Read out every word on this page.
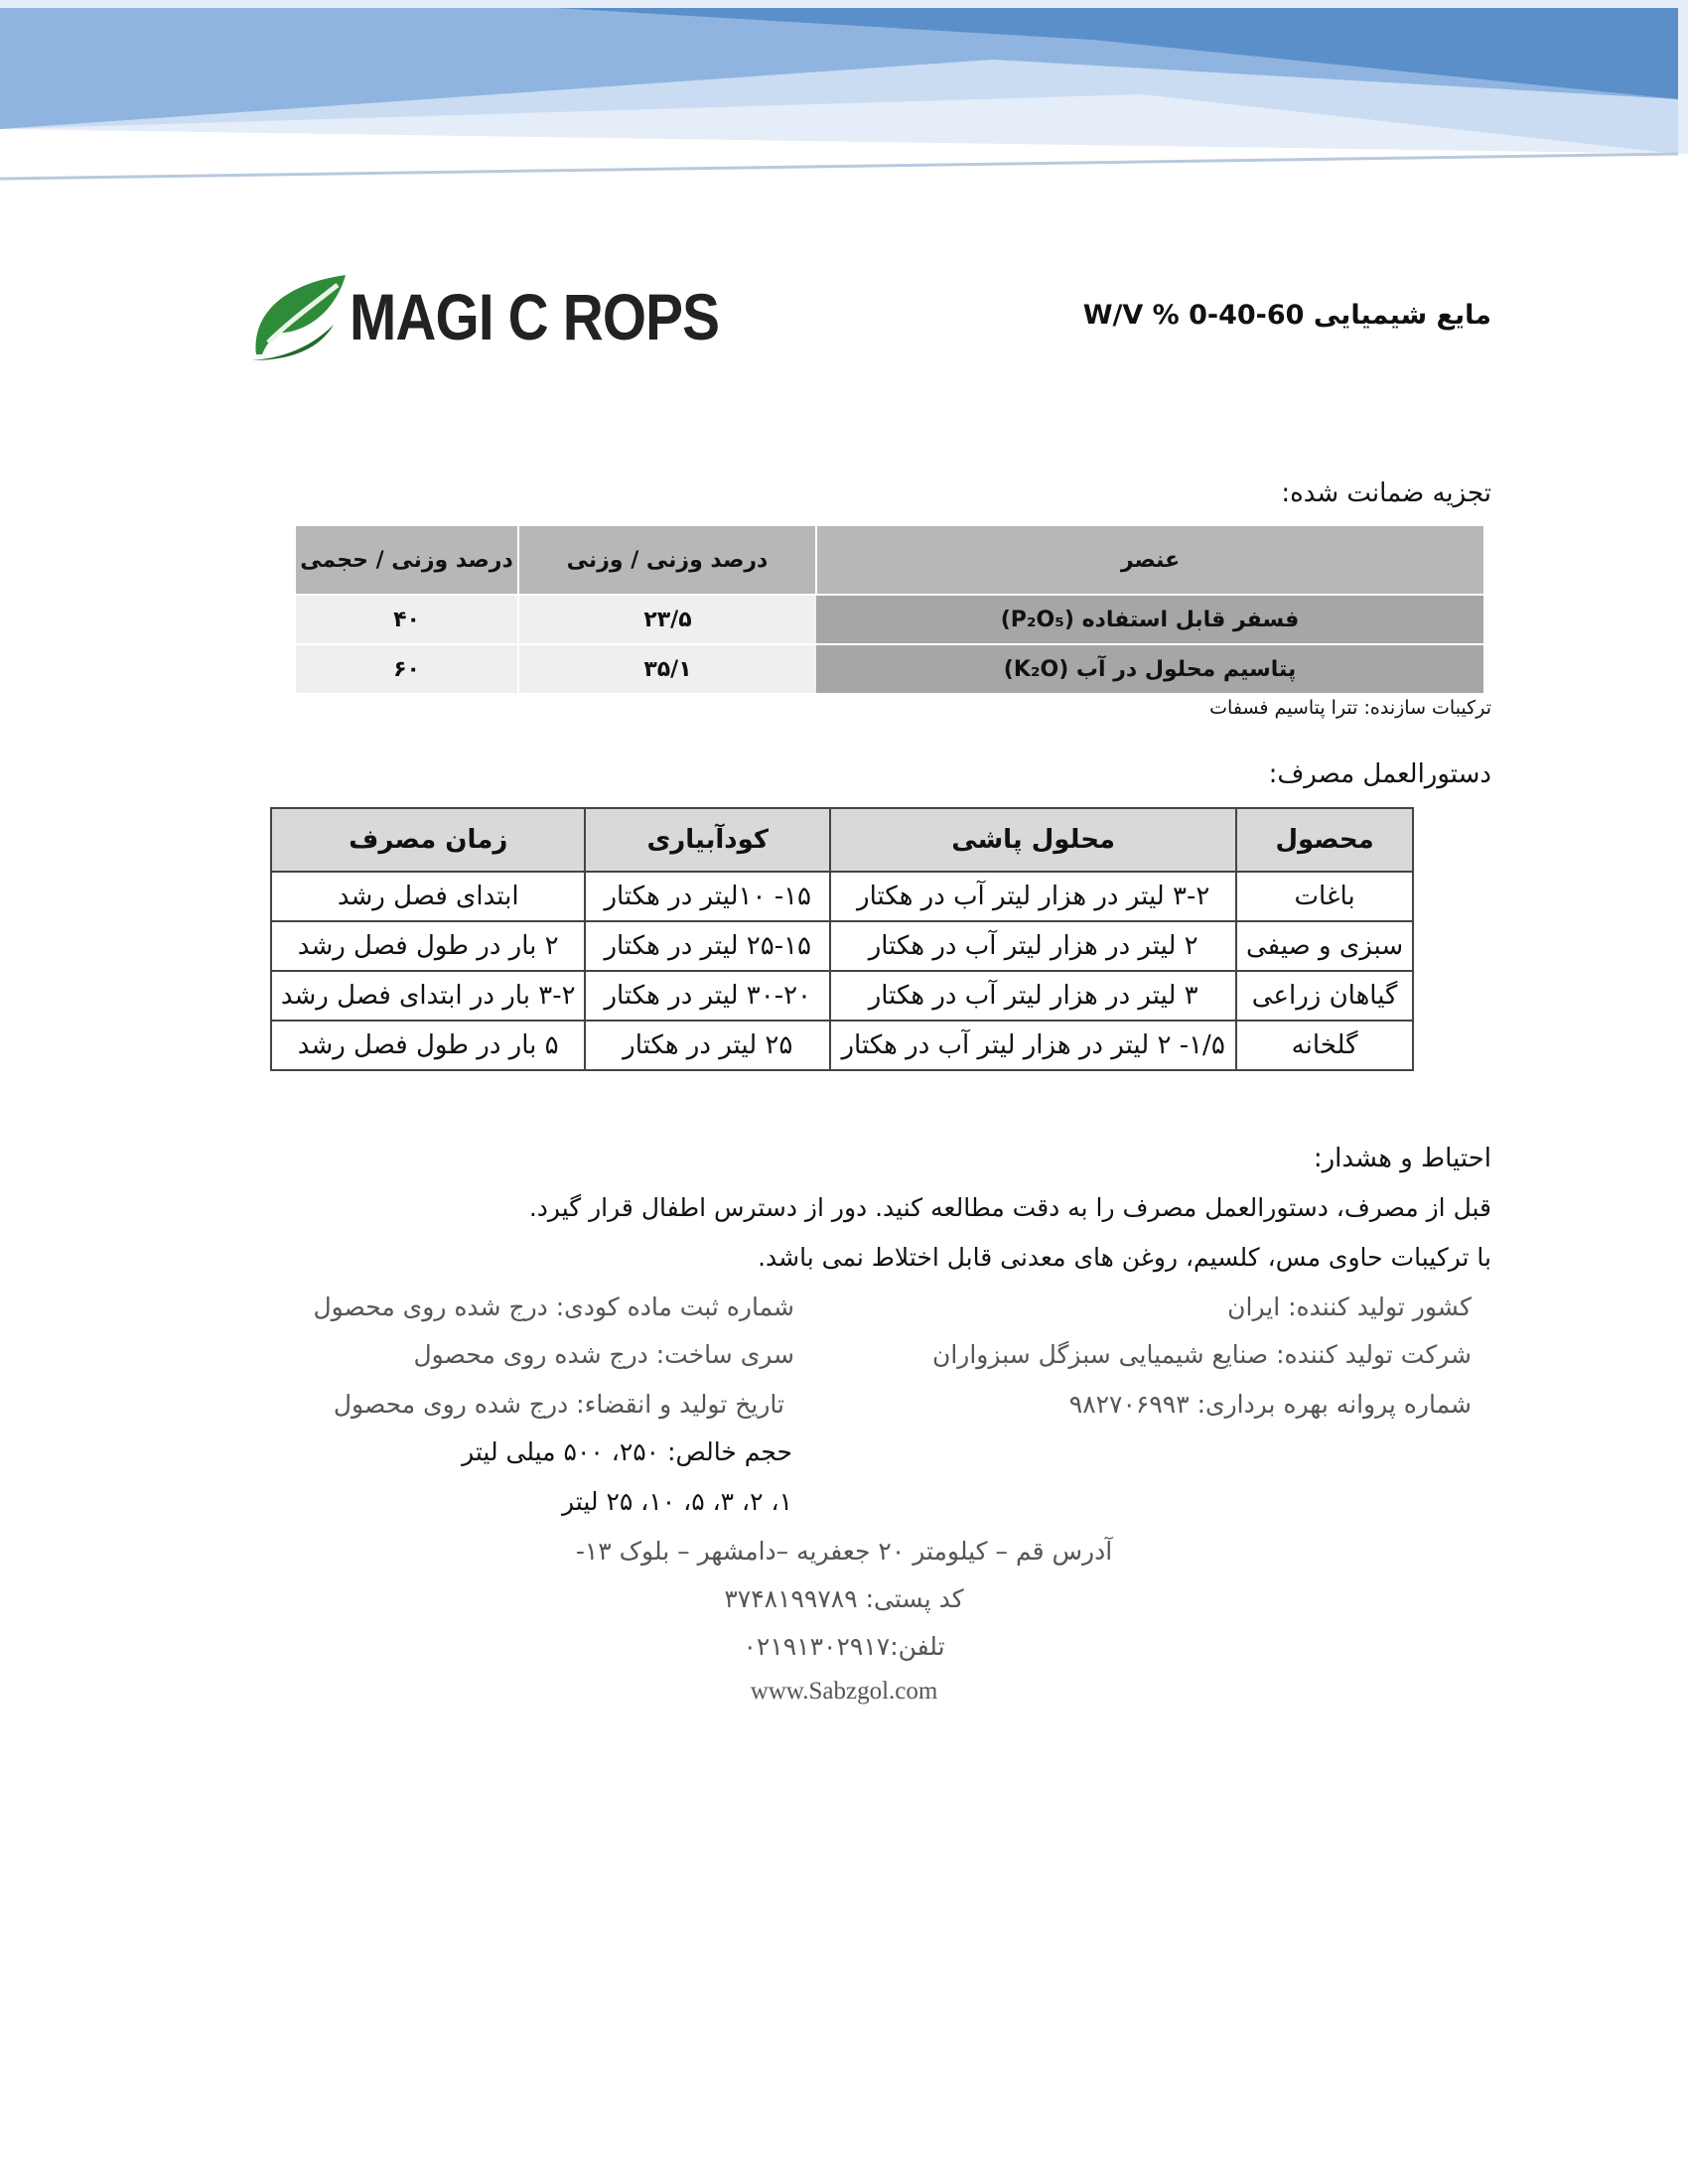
MAGI C ROPS	مایع شیمیایی W/V % 0-40-60
تجزیه ضمانت شده:
عنصر	درصد وزنی / وزنی	درصد وزنی / حجمی
فسفر قابل استفاده (P₂O₅)	۲۳/۵	۴۰
پتاسیم محلول در آب (K₂O)	۳۵/۱	۶۰
ترکیبات سازنده: تترا پتاسیم فسفات
دستورالعمل مصرف:
محصول	محلول پاشی	کودآبیاری	زمان مصرف
باغات	۳-۲ لیتر در هزار لیتر آب در هکتار	۱۵- ۱۰لیتر در هکتار	ابتدای فصل رشد
سبزی و صیفی	۲ لیتر در هزار لیتر آب در هکتار	۲۵-۱۵ لیتر در هکتار	۲ بار در طول فصل رشد
گیاهان زراعی	۳ لیتر در هزار لیتر آب در هکتار	۳۰-۲۰ لیتر در هکتار	۳-۲ بار در ابتدای فصل رشد
گلخانه	۱/۵- ۲ لیتر در هزار لیتر آب در هکتار	۲۵ لیتر در هکتار	۵ بار در طول فصل رشد
احتیاط و هشدار:
قبل از مصرف، دستورالعمل مصرف را به دقت مطالعه کنید. دور از دسترس اطفال قرار گیرد.
با ترکیبات حاوی مس، کلسیم، روغن های معدنی قابل اختلاط نمی باشد.
کشور تولید کننده: ایران
شرکت تولید کننده: صنایع شیمیایی سبزگل سبزواران
شماره پروانه بهره برداری: ۹۸۲۷۰۶۹۹۳
شماره ثبت ماده کودی: درج شده روی محصول
سری ساخت: درج شده روی محصول
تاریخ تولید و انقضاء: درج شده روی محصول
حجم خالص: ۲۵۰، ۵۰۰ میلی لیتر
۱، ۲، ۳، ۵، ۱۰، ۲۵ لیتر
آدرس قم – کیلومتر ۲۰ جعفریه –دامشهر – بلوک ۱۳-
کد پستی: ۳۷۴۸۱۹۹۷۸۹
تلفن:۰۲۱۹۱۳۰۲۹۱۷
www.Sabzgol.com
